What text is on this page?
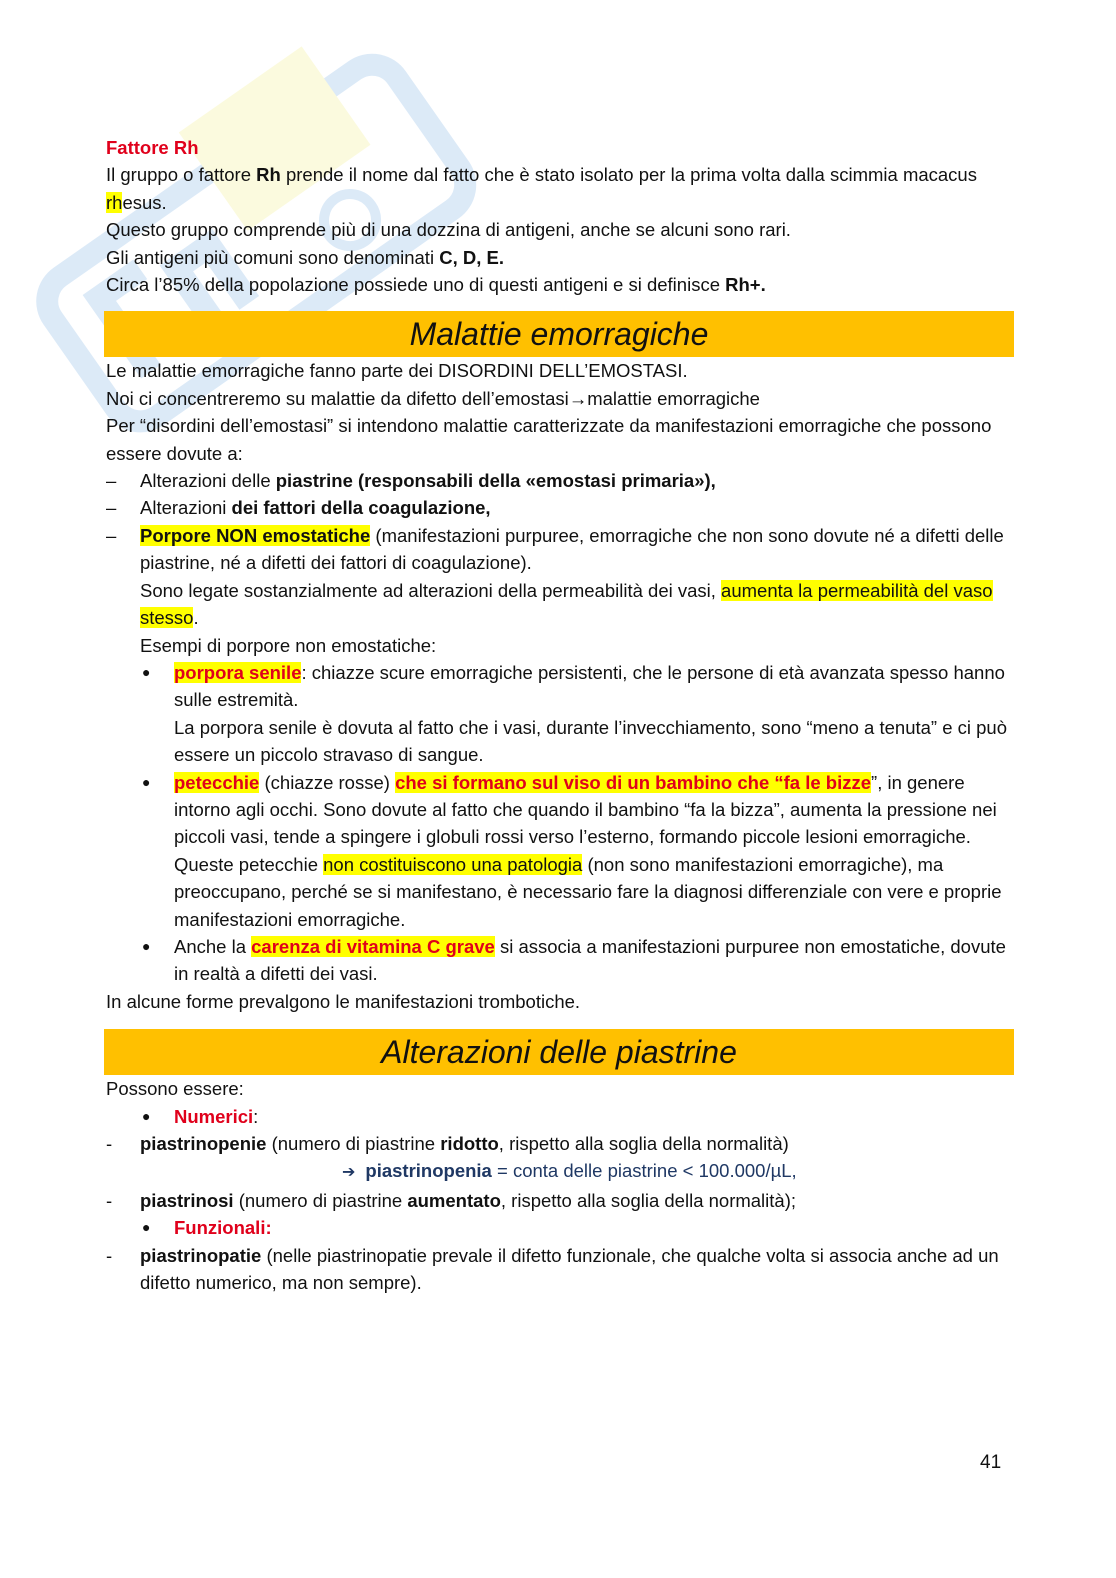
Fattore Rh

Il gruppo o fattore Rh prende il nome dal fatto che è stato isolato per la prima volta dalla scimmia macacus rhesus.

Questo gruppo comprende più di una dozzina di antigeni, anche se alcuni sono rari.

Gli antigeni più comuni sono denominati C, D, E.

Circa l’85% della popolazione possiede uno di questi antigeni e si definisce Rh+.

Malattie emorragiche

Le malattie emorragiche fanno parte dei DISORDINI DELL’EMOSTASI.

Noi ci concentreremo su malattie da difetto dell’emostasi→malattie emorragiche

Per “disordini dell’emostasi” si intendono malattie caratterizzate da manifestazioni emorragiche che possono essere dovute a:

– Alterazioni delle piastrine (responsabili della «emostasi primaria»),
– Alterazioni dei fattori della coagulazione,
– Porpore NON emostatiche (manifestazioni purpuree, emorragiche che non sono dovute né a difetti delle piastrine, né a difetti dei fattori di coagulazione).

Sono legate sostanzialmente ad alterazioni della permeabilità dei vasi, aumenta la permeabilità del vaso stesso.

Esempi di porpore non emostatiche:

● porpora senile: chiazze scure emorragiche persistenti, che le persone di età avanzata spesso hanno sulle estremità.

La porpora senile è dovuta al fatto che i vasi, durante l’invecchiamento, sono “meno a tenuta” e ci può essere un piccolo stravaso di sangue.

● petecchie (chiazze rosse) che si formano sul viso di un bambino che “fa le bizze”, in genere intorno agli occhi. Sono dovute al fatto che quando il bambino “fa la bizza”, aumenta la pressione nei piccoli vasi, tende a spingere i globuli rossi verso l’esterno, formando piccole lesioni emorragiche.

Queste petecchie non costituiscono una patologia (non sono manifestazioni emorragiche), ma preoccupano, perché se si manifestano, è necessario fare la diagnosi differenziale con vere e proprie manifestazioni emorragiche.

● Anche la carenza di vitamina C grave si associa a manifestazioni purpuree non emostatiche, dovute in realtà a difetti dei vasi.

In alcune forme prevalgono le manifestazioni trombotiche.

Alterazioni delle piastrine

Possono essere:

● Numerici:
- piastrinopenie (numero di piastrine ridotto, rispetto alla soglia della normalità)

➔ piastrinopenia = conta delle piastrine < 100.000/µL,

- piastrinosi (numero di piastrine aumentato, rispetto alla soglia della normalità);
● Funzionali:
- piastrinopatie (nelle piastrinopatie prevale il difetto funzionale, che qualche volta si associa anche ad un difetto numerico, ma non sempre).
41
